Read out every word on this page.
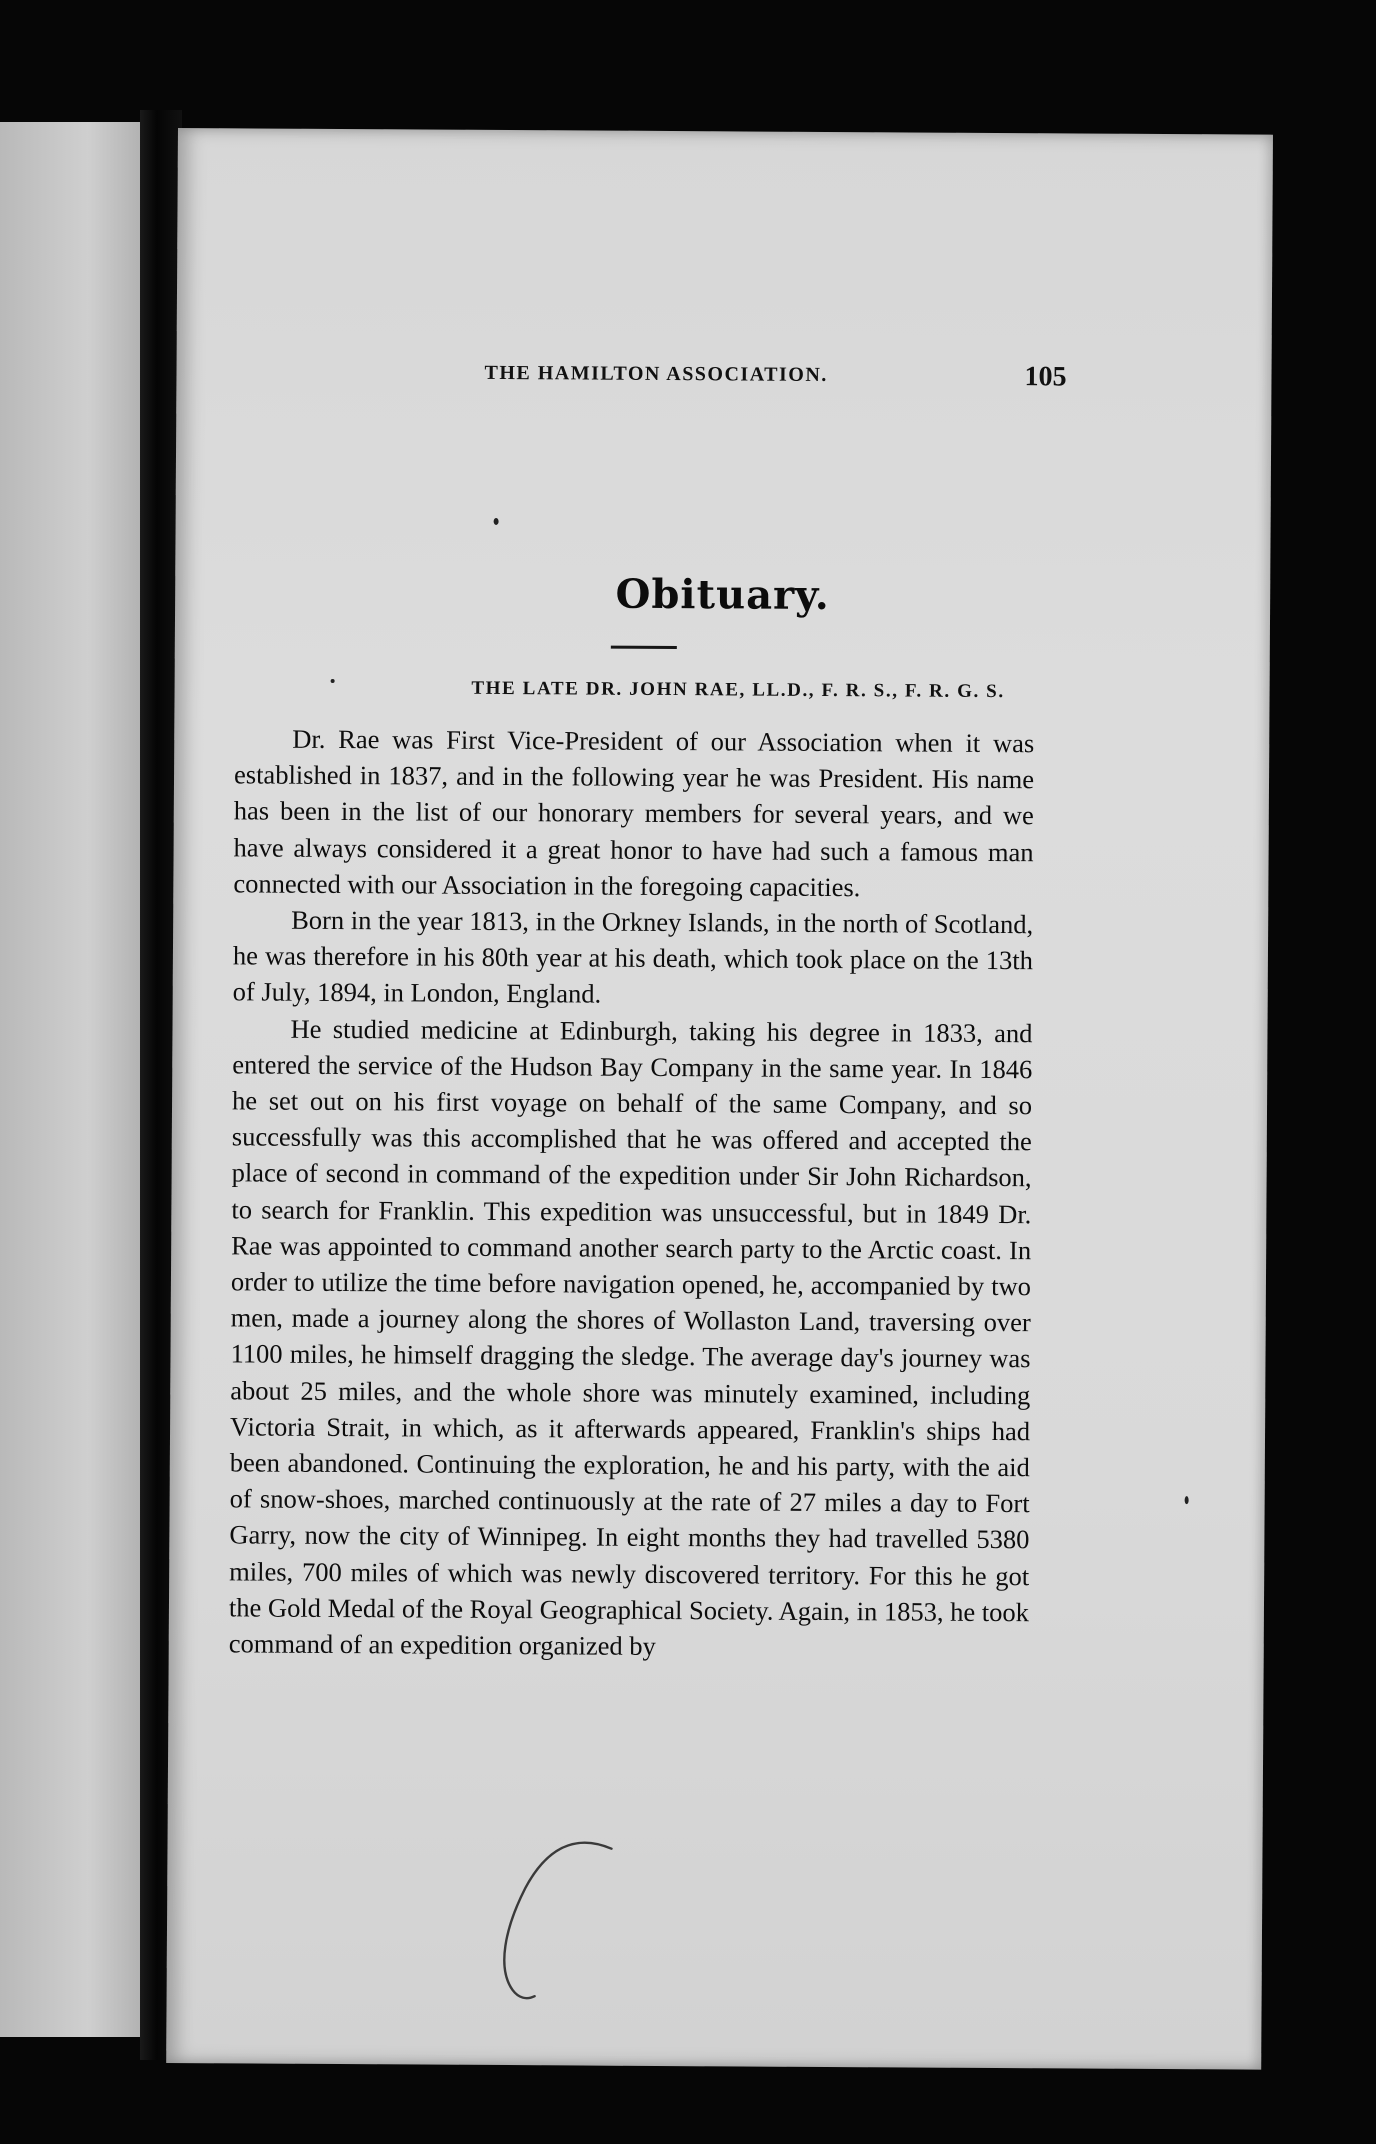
THE HAMILTON ASSOCIATION.	105
Obituary.
THE LATE DR. JOHN RAE, LL.D., F. R. S., F. R. G. S.

Dr. Rae was First Vice-President of our Association when it was established in 1837, and in the following year he was President. His name has been in the list of our honorary members for several years, and we have always considered it a great honor to have had such a famous man connected with our Association in the foregoing capacities.

Born in the year 1813, in the Orkney Islands, in the north of Scotland, he was therefore in his 80th year at his death, which took place on the 13th of July, 1894, in London, England.

He studied medicine at Edinburgh, taking his degree in 1833, and entered the service of the Hudson Bay Company in the same year. In 1846 he set out on his first voyage on behalf of the same Company, and so successfully was this accomplished that he was offered and accepted the place of second in command of the expedition under Sir John Richardson, to search for Franklin. This expedition was unsuccessful, but in 1849 Dr. Rae was appointed to command another search party to the Arctic coast. In order to utilize the time before navigation opened, he, accompanied by two men, made a journey along the shores of Wollaston Land, traversing over 1100 miles, he himself dragging the sledge. The average day's journey was about 25 miles, and the whole shore was minutely examined, including Victoria Strait, in which, as it afterwards appeared, Franklin's ships had been abandoned. Continuing the exploration, he and his party, with the aid of snow-shoes, marched continuously at the rate of 27 miles a day to Fort Garry, now the city of Winnipeg. In eight months they had travelled 5380 miles, 700 miles of which was newly discovered territory. For this he got the Gold Medal of the Royal Geographical Society. Again, in 1853, he took command of an expedition organized by
